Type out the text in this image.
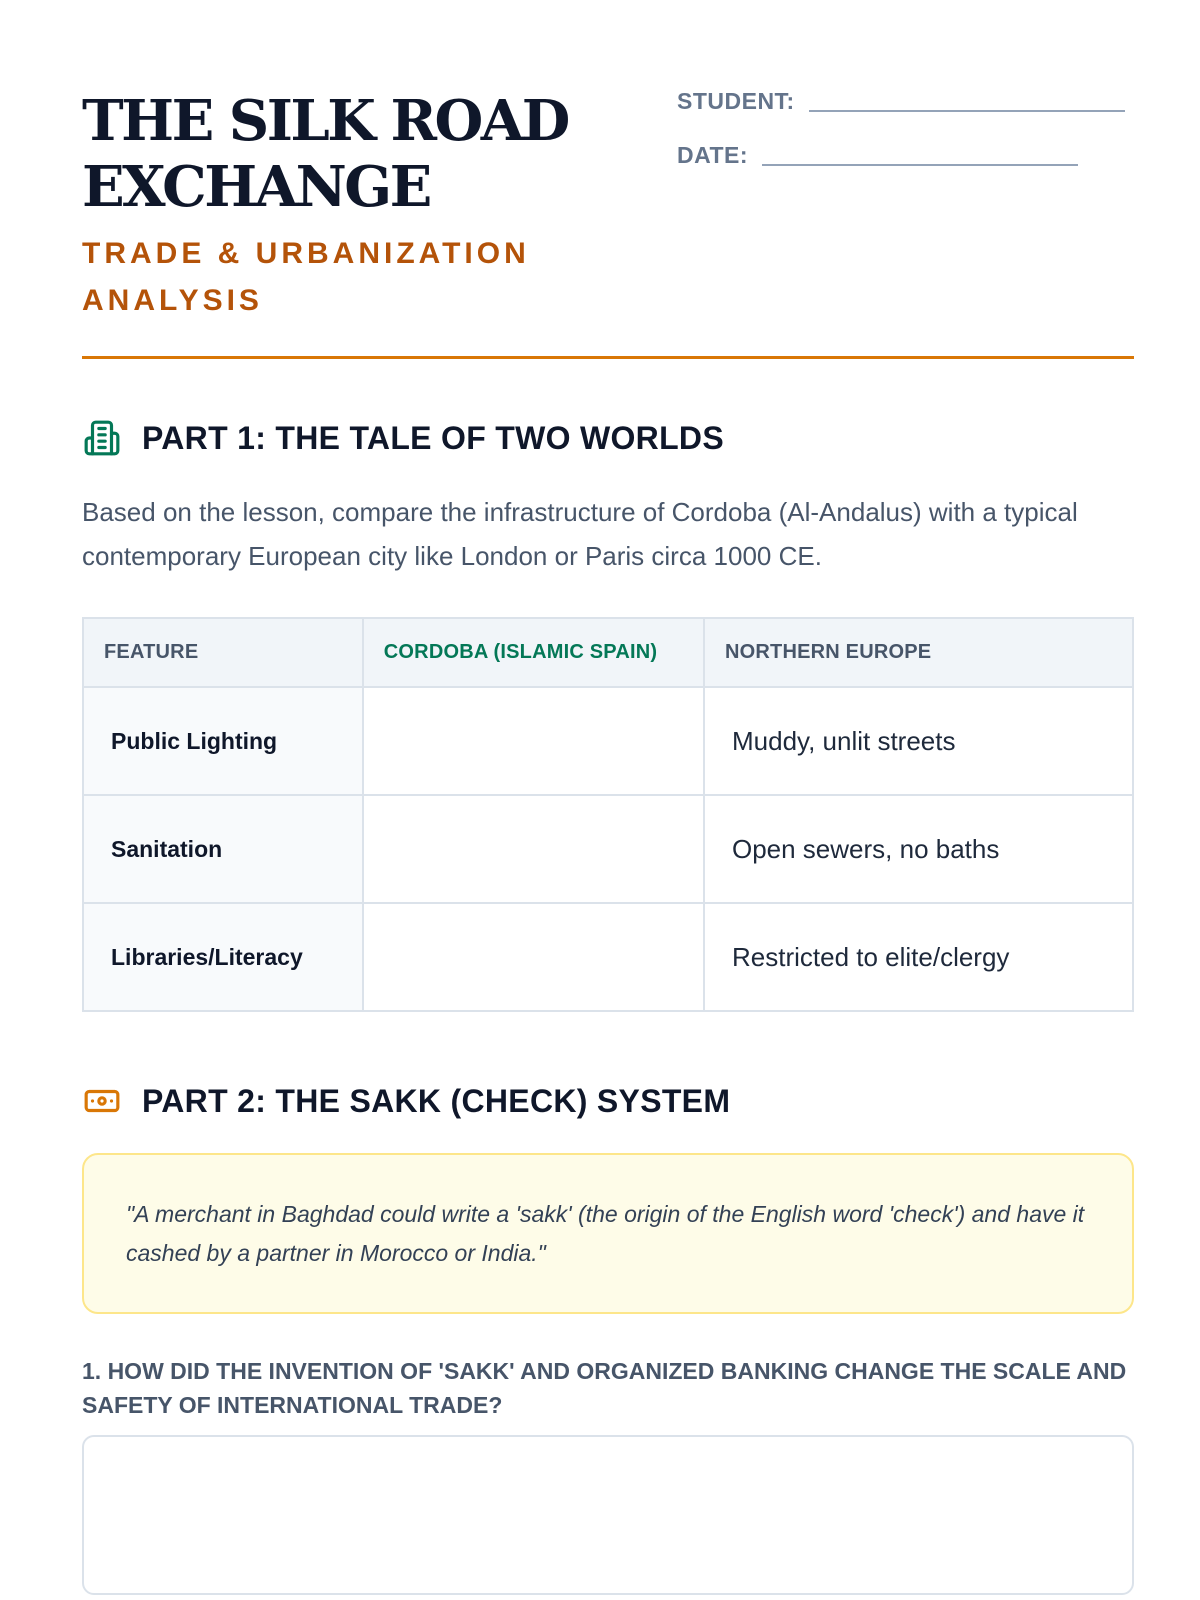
THE SILK ROAD
EXCHANGE
TRADE & URBANIZATION
ANALYSIS
STUDENT:
DATE:
PART 1: THE TALE OF TWO WORLDS

Based on the lesson, compare the infrastructure of Cordoba (Al-Andalus) with a typical contemporary European city like London or Paris circa 1000 CE.

FEATURE	CORDOBA (ISLAMIC SPAIN)	NORTHERN EUROPE
Public Lighting		Muddy, unlit streets
Sanitation		Open sewers, no baths
Libraries/Literacy		Restricted to elite/clergy
PART 2: THE SAKK (CHECK) SYSTEM
"A merchant in Baghdad could write a 'sakk' (the origin of the English word 'check') and have it cashed by a partner in Morocco or India."
1. HOW DID THE INVENTION OF 'SAKK' AND ORGANIZED BANKING CHANGE THE SCALE AND SAFETY OF INTERNATIONAL TRADE?
